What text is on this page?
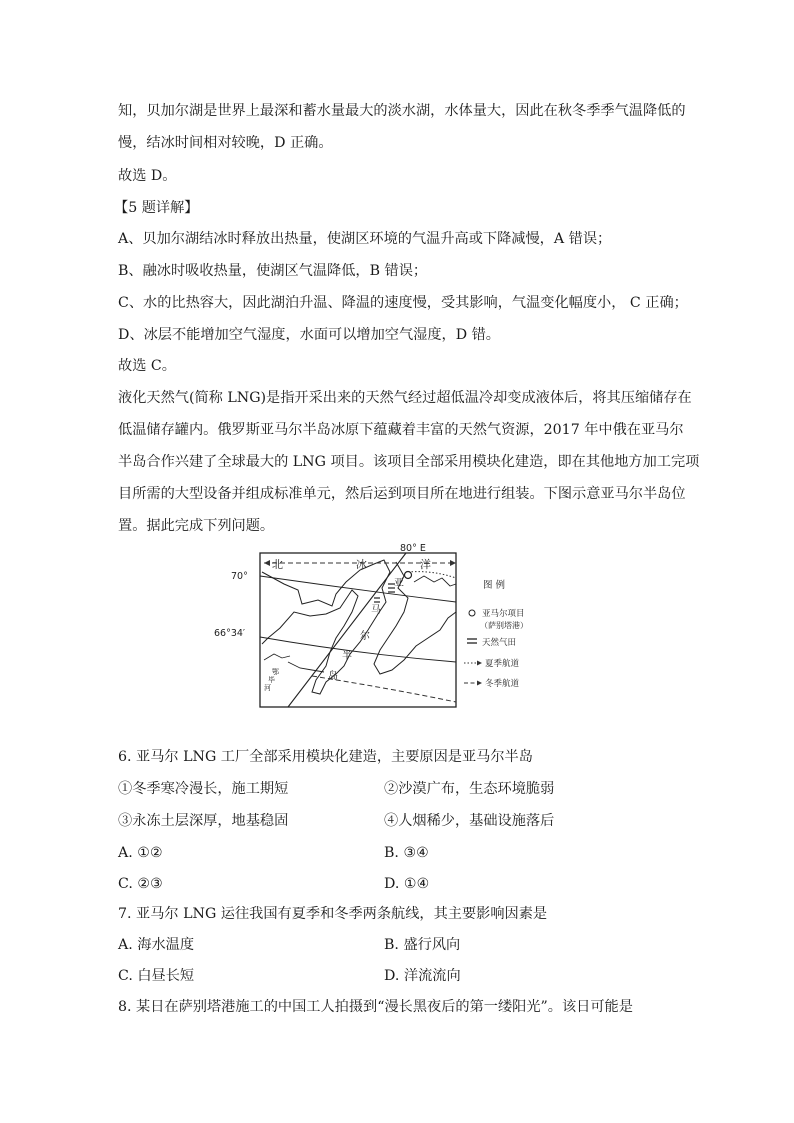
知，贝加尔湖是世界上最深和蓄水量最大的淡水湖，水体量大，因此在秋冬季季气温降低的
慢，结冰时间相对较晚，D 正确。
故选 D。
【5 题详解】
A、贝加尔湖结冰时释放出热量，使湖区环境的气温升高或下降减慢，A 错误；
B、融冰时吸收热量，使湖区气温降低，B 错误；
C、水的比热容大，因此湖泊升温、降温的速度慢，受其影响，气温变化幅度小， C 正确；
D、冰层不能增加空气湿度，水面可以增加空气湿度，D 错。
故选 C。
液化天然气(简称 LNG)是指开采出来的天然气经过超低温冷却变成液体后，将其压缩储存在
低温储存罐内。俄罗斯亚马尔半岛冰原下蕴藏着丰富的天然气资源，2017 年中俄在亚马尔
半岛合作兴建了全球最大的 LNG 项目。该项目全部采用模块化建造，即在其他地方加工完项
目所需的大型设备并组成标准单元，然后运到项目所在地进行组装。下图示意亚马尔半岛位
置。据此完成下列问题。
80° E
70°
66°34′
北	冰	洋
亚
马
尔
半
岛
鄂毕河
图 例
亚马尔项目
（萨别塔港）
天然气田
夏季航道
冬季航道
6. 亚马尔 LNG 工厂全部采用模块化建造，主要原因是亚马尔半岛
①冬季寒冷漫长，施工期短	②沙漠广布，生态环境脆弱
③永冻土层深厚，地基稳固	④人烟稀少，基础设施落后
A. ①②	B. ③④
C. ②③	D. ①④
7. 亚马尔 LNG 运往我国有夏季和冬季两条航线，其主要影响因素是
A. 海水温度	B. 盛行风向
C. 白昼长短	D. 洋流流向
8. 某日在萨别塔港施工的中国工人拍摄到“漫长黑夜后的第一缕阳光”。该日可能是
